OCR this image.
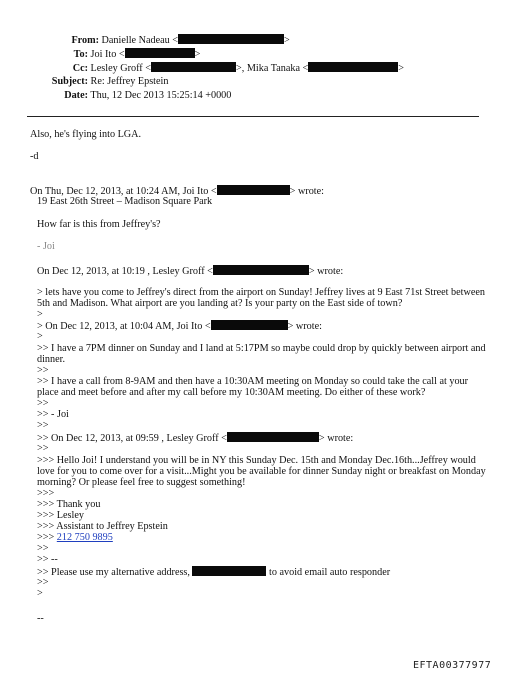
From: Danielle Nadeau <	>
To: Joi Ito <	>
Cc: Lesley Groff <	>, Mika Tanaka <	>
Subject: Re: Jeffrey Epstein
Date: Thu, 12 Dec 2013 15:25:14 +0000
Also, he's flying into LGA.
-d
On Thu, Dec 12, 2013, at 10:24 AM, Joi Ito <	> wrote:
19 East 26th Street – Madison Square Park
How far is this from Jeffrey's?
- Joi
On Dec 12, 2013, at 10:19 , Lesley Groff <	> wrote:
> lets have you come to Jeffrey's direct from the airport on Sunday! Jeffrey lives at 9 East 71st Street between
5th and Madison. What airport are you landing at? Is your party on the East side of town?
>
> On Dec 12, 2013, at 10:04 AM, Joi Ito <	> wrote:
>
>> I have a 7PM dinner on Sunday and I land at 5:17PM so maybe could drop by quickly between airport and
dinner.
>>
>> I have a call from 8-9AM and then have a 10:30AM meeting on Monday so could take the call at your
place and meet before and after my call before my 10:30AM meeting. Do either of these work?
>>
>> - Joi
>>
>> On Dec 12, 2013, at 09:59 , Lesley Groff <	> wrote:
>>
>>> Hello Joi! I understand you will be in NY this Sunday Dec. 15th and Monday Dec.16th...Jeffrey would
love for you to come over for a visit...Might you be available for dinner Sunday night or breakfast on Monday
morning? Or please feel free to suggest something!
>>>
>>> Thank you
>>> Lesley
>>> Assistant to Jeffrey Epstein
>>> 212 750 9895
>>
>> --
>> Please use my alternative address,	to avoid email auto responder
>>
>
--
EFTA00377977
